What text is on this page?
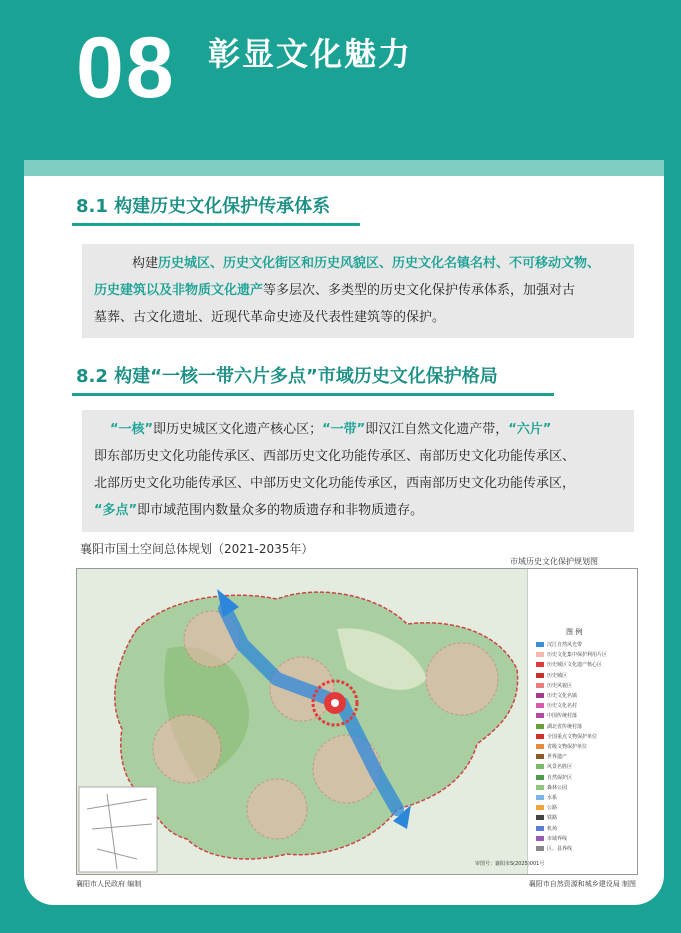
08 彰显文化魅力
8.1 构建历史文化保护传承体系
构建历史城区、历史文化街区和历史风貌区、历史文化名镇名村、不可移动文物、
历史建筑以及非物质文化遗产等多层次、多类型的历史文化保护传承体系，加强对古
墓葬、古文化遗址、近现代革命史迹及代表性建筑等的保护。
8.2 构建“一核一带六片多点”市域历史文化保护格局
“一核”即历史城区文化遗产核心区；“一带”即汉江自然文化遗产带，“六片”
即东部历史文化功能传承区、西部历史文化功能传承区、南部历史文化功能传承区、
北部历史文化功能传承区、中部历史文化功能传承区，西南部历史文化功能传承区，
“多点”即市域范围内数量众多的物质遗存和非物质遗存。
襄阳市国土空间总体规划（2021-2035年）
图 例
汉江自然风光带
历史文化集中保护利用片区
历史城区文化遗产核心区
历史城区
历史风貌区
历史文化名镇
历史文化名村
中国传统村落
湖北省传统村落
全国重点文物保护单位
省级文物保护单位
世界遗产
风景名胜区
自然保护区
森林公园
水系
公路
铁路
机场
市域界线
区、县界线
审图号：襄阳市S(2025)001号
市域历史文化保护规划图
襄阳市人民政府 编制	襄阳市自然资源和城乡建设局 制图
